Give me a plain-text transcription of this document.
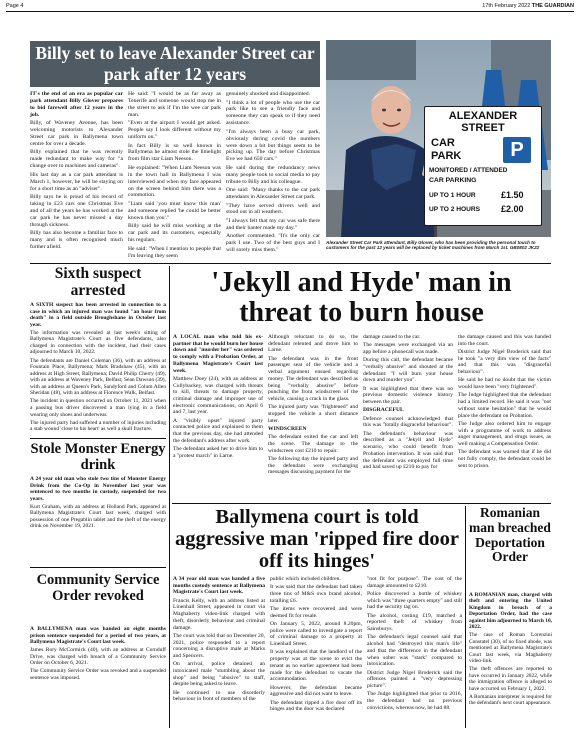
Page 4	17th February 2022 THE GUARDIAN
Billy set to leave Alexander Street car park after 12 years

IT's the end of an era as popular car park attendant Billy Glover prepares to bid farewell after 12 years in the job.

Billy, of Waveney Avenue, has been welcoming motorists to Alexander Street car park in Ballymena town centre for over a decade.

Billy explained that he was recently made redundant to make way for "a change over to machines and cameras".

His last day as a car park attendant is March 1, however, he will be staying on for a short time as an "adviser".

Billy says he is proud of his record of taking in £23 cars one Christmas Eve and of all the years he has worked at the car park he has never missed a day through sickness.

Billy has also become a familiar face to many and is often recognised much further afield.

He said: "I would be as far away as Tenerife and someone would stop me in the street to ask if I'm the wee car park man.

"Even at the airport I would get asked. People say I look different without my uniform on."

In fact Billy is so well known in Ballymena he almost stole the limelight from film star Liam Neeson.

He explained: "When Liam Neeson was in the town hall in Ballymena I was interviewed and when my face appeared on the screen behind him there was a commotion.

"Liam said 'you must know this man' and someone replied 'he could be better known than you'."

Billy said he will miss working at the car park and its customers, especially his regulars.

He said: "When I mention to people that I'm leaving they seem

genuinely shocked and disappointed.

"I think a lot of people who use the car park like to see a friendly face and someone they can speak to if they need assistance.

"I'm always been a busy car park, obviously during covid the numbers were down a bit but things seem to be picking up. The day before Christmas Eve we had 650 cars."

He said during the redundancy news many people took to social media to pay tribute to Billy and his colleague.

One said: "Many thanks to the car park attendants in Alexander Street car park.

"They have served drivers well and stood out in all weathers.

"I always felt that my car was safe there and their banter made my day."

Another commented: "It's the only car park I use. Two of the best guys and I will sorely miss them."

ALEXANDER
STREET
CAR
PARK	P
MONITORED / ATTENDED
CAR PARKING
UP TO 1 HOUR	£1.50
UP TO 2 HOURS £2.00
Alexander Street Car Park attendant, Billy Glover, who has been providing the personal touch to customers for the past 12 years will be replaced by ticket machines from March 1st. GB0802 JK22
Sixth suspect arrested

A SIXTH suspect has been arrested in connection to a case in which an injured man was found "an hour from death" in a field outside Broughshane in October last year.

The information was revealed at last week's sitting of Ballymena Magistrate's Court as five defendants, also charged in connection with the incident, had their cases adjourned to March 10, 2022.

The defendants are Daniel Coleman (36), with an address at Fountain Place, Ballymena; Mark Bradshaw (45), with an address at High Street, Ballymena; David Philip Cherry (49), with an address at Waveney Park, Belfast; Sean Dawson (39), with an address at Queen's Park, Sandyford and Colum Allen Sheridan (48), with an address at Florence Walk, Belfast.

The incident in question occurred on October 11, 2021 when a passing bus driver discovered a man lying in a field wearing only shoes and underwear.

The injured party had suffered a number of injuries including a stab wound 'close to his heart' as well a skull fracture.

Stole Monster Energy drink

A 24 year old man who stole two tins of Monster Energy Drink from the Co-Op in November last year was sentenced to two months in custody, suspended for two years.

Kurt Graham, with an address at Holland Park, appeared at Ballymena Magistrate's Court last week, charged with possession of one Pregablin tablet and the theft of the energy drink on November 19, 2021.

Community Service Order revoked

A BALLYMENA man was handed an eight months prison sentence suspended for a period of two years, at Ballymena Magistrate's Court last week.

James Rory McCormick (40), with an address at Cornduff Drive, was charged with breach of a Community Service Order on October 6, 2021.

The Community Service Order was revoked and a suspended sentence was imposed.

'Jekyll and Hyde' man in threat to burn house

A LOCAL man who told his ex-partner that he would burn her house down and "murder her" was ordered to comply with a Probation Order, at Ballymena Magistrate's Court last week.

Matthew Doey (24), with an address at Cullybackey, was charged with threats to kill, threats to damage property, criminal damage and improper use of electronic communications, on April 6 and 7, last year.

A "visibly upset" injured party contacted police and explained to them that the previous day, she had attended the defendant's address after work.

The defendant asked her to drive him to a "protest march" in Larne.

Although reluctant to do so, the defendant relented and drove him to Larne.

The defendant was in the front passenger seat of the vehicle and a verbal argument ensued regarding money. The defendant was described as being "verbally abusive" before punching the front windscreen of the vehicle, causing a crack in the glass.

The injured party was "frightened" and stopped the vehicle a short distance later.

WINDSCREEN

The defendant exited the car and left the scene. The damage to the windscreen cost £210 to repair.

The following day the injured party and the defendant were exchanging messages discussing payment for the

damage caused to the car.

The messages were exchanged via an app before a phonecall was made.

During this call, the defendant became "verbally abusive" and shouted at the defendant: "I will burn your house down and murder you".

It was highlighted that there was no previous domestic violence history between the pair.

DISGRACEFUL

Defence counsel acknowledged that this was "totally disgraceful behaviour".

The defendant's behaviour was described as a "Jekyll and Hyde" scenario, who could benefit from Probation intervention. It was said that the defendant was employed full time and had saved up £210 to pay for

the damage caused and this was handed into the court.

District Judge Nigel Broderick said that he took "a very dim view of the facts" and that this was "disgraceful behaviour".

He said he had no doubt that the victim would have been "very frightened".

The Judge highlighted that the defendant had a limited record. He said it was "not without some hesitation" that he would place the defendant on Probation.

The Judge also ordered him to engage with a programme of work to address anger management, and drugs issues, as well making a Compensation Order.

The defendant was warned that if he did not fully comply, the defendant could be sent to prison.

Ballymena court is told aggressive man 'ripped fire door off its hinges'

A 34 year old man was handed a five months custody sentence at Ballymena Magistrate's Court last week.

Francis Kelly, with an address listed at Linenhall Street, appeared in court via Maghaberry video-link charged with theft, disorderly behaviour and criminal damage.

The court was told that on December 20, 2021, police responded to a report concerning a disruptive male at Marks and Spencers.

On arrival, police detained an intoxicated male "stumbling about the shop" and being "abusive" to staff, despite being asked to leave.

He continued to use disorderly behaviour in front of members of the

public which included children.

It was said that the defendant had taken three tins of M&S own brand alcohol, totalling £6.

The items were recovered and were deemed fit for resale.

On January 5, 2022, around 8.20pm, police were called to investigate a report of criminal damage to a property at Linenhall Street.

It was explained that the landlord of the property was at the scene to evict the tenant as no earlier agreement had been made for the defendant to vacate the accommodation.

However, the defendant became aggressive and did not want to leave.

The defendant ripped a fire door off its hinges and the door was declared

"not fit for purpose". The cost of the damage amounted to £210.

Police discovered a bottle of whiskey which was "three quarters empty" and still had the security tag on.

The alcohol, costing £19, matched a reported theft of whiskey from Sainsburys.

The defendant's legal counsel said that alcohol had "destroyed this man's life" and that the difference in the defendant when sober was "stark" compared to intoxication.

District Judge Nigel Broderick said the offences painted a "very depressing picture".

The Judge highlighted that prior to 2016, the defendant had no previous convictions, whereas now, he had 88.

Romanian man breached Deportation Order

A ROMANIAN man, charged with theft and entering the United Kingdom in breach of a Deportation Order, had the case against him adjourned to March 10, 2022.

The case of Roman Lorenzini Constatel (30), of no fixed abode, was mentioned at Ballymena Magistrate's Court last week, via Maghaberry video-link.

The theft offences are reported to have occurred in January 2022, while the immigration offence is alleged to have occurred on February 1, 2022.

A Romanian interpreter is required for the defendant's next court appearance.
